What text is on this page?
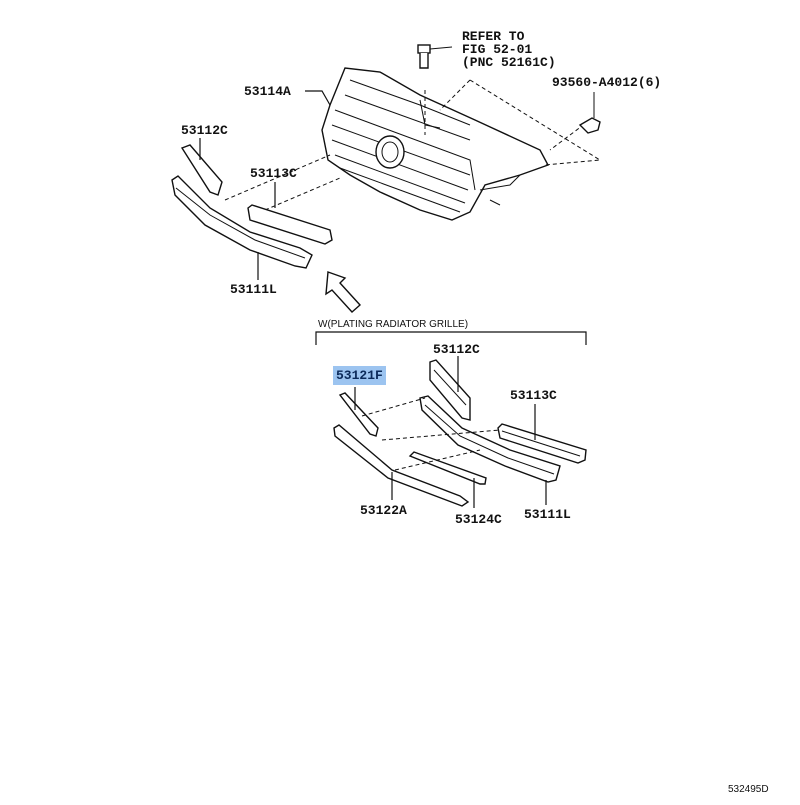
REFER TO
FIG 52-01
(PNC 52161C)
93560-A4012(6)
53114A
53112C
53113C
53111L
W(PLATING RADIATOR GRILLE)
53112C
53121F
53113C
53122A
53124C 53111L
532495D
